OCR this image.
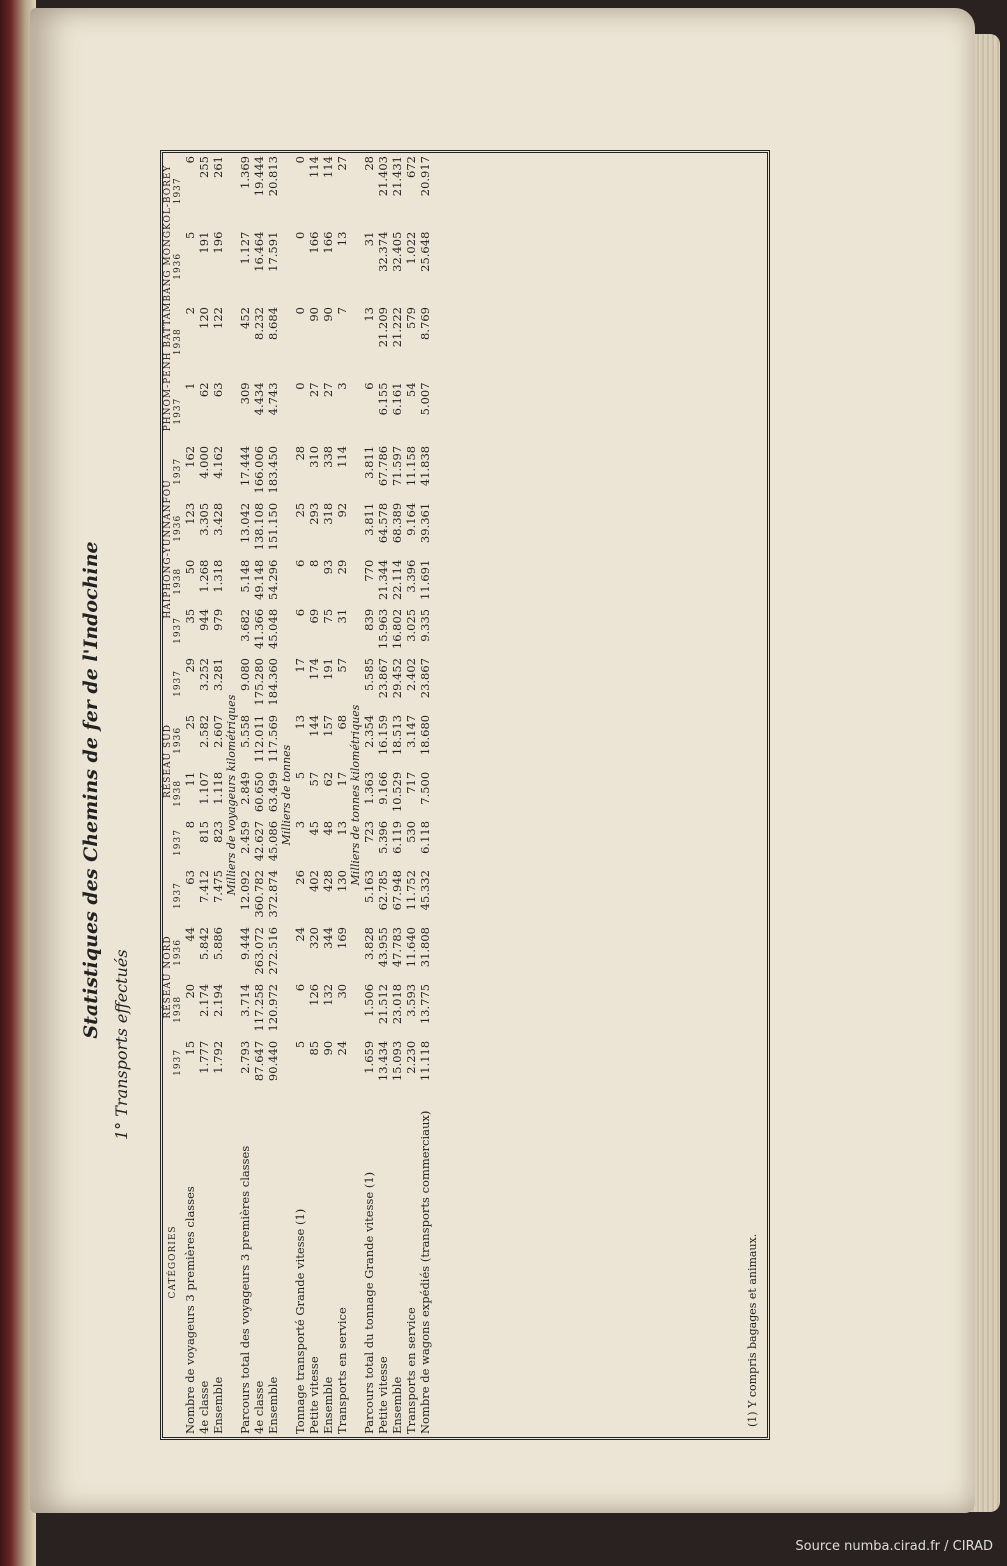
Statistiques des Chemins de fer de l'Indochine
1° Transports effectués
CATÉGORIES	RÉSEAU NORD				RÉSEAU SUD				HAIPHONG-YUNNANFOU				PHNOM-PENH BATTAMBANG MONGKOL-BOREY			
	1937	1938	1936	1937	1937	1938	1936	1937	1937	1938	1936	1937	1937	1938	1936	1937
Nombre de voyageurs 3 premières classes	15	20	44	63	8	11	25	29	35	50	123	162	1	2	5	6
4e classe	1.777	2.174	5.842	7.412	815	1.107	2.582	3.252	944	1.268	3.305	4.000	62	120	191	255
Ensemble	1.792	2.194	5.886	7.475	823	1.118	2.607	3.281	979	1.318	3.428	4.162	63	122	196	261
Milliers de voyageurs kilométriques																
Parcours total des voyageurs 3 premières classes	2.793	3.714	9.444	12.092	2.459	2.849	5.558	9.080	3.682	5.148	13.042	17.444	309	452	1.127	1.369
4e classe	87.647	117.258	263.072	360.782	42.627	60.650	112.011	175.280	41.366	49.148	138.108	166.006	4.434	8.232	16.464	19.444
Ensemble	90.440	120.972	272.516	372.874	45.086	63.499	117.569	184.360	45.048	54.296	151.150	183.450	4.743	8.684	17.591	20.813
Milliers de tonnes																
Tonnage transporté Grande vitesse (1)	5	6	24	26	3	5	13	17	6	6	25	28	0	0	0	0
Petite vitesse	85	126	320	402	45	57	144	174	69	8	293	310	27	90	166	114
Ensemble	90	132	344	428	48	62	157	191	75	93	318	338	27	90	166	114
Transports en service	24	30	169	130	13	17	68	57	31	29	92	114	3	7	13	27
Milliers de tonnes kilométriques																
Parcours total du tonnage Grande vitesse (1)	1.659	1.506	3.828	5.163	723	1.363	2.354	5.585	839	770	3.811	3.811	6	13	31	28
Petite vitesse	13.434	21.512	43.955	62.785	5.396	9.166	16.159	23.867	15.963	21.344	64.578	67.786	6.155	21.209	32.374	21.403
Ensemble	15.093	23.018	47.783	67.948	6.119	10.529	18.513	29.452	16.802	22.114	68.389	71.597	6.161	21.222	32.405	21.431
Transports en service	2.230	3.593	11.640	11.752	530	717	3.147	2.402	3.025	3.396	9.164	11.158	54	579	1.022	672
Nombre de wagons expédiés (transports commerciaux)	11.118	13.775	31.808	45.332	6.118	7.500	18.680	23.867	9.335	11.691	39.361	41.838	5.007	8.769	25.648	20.917
(1) Y compris bagages et animaux.
Source numba.cirad.fr / CIRAD
